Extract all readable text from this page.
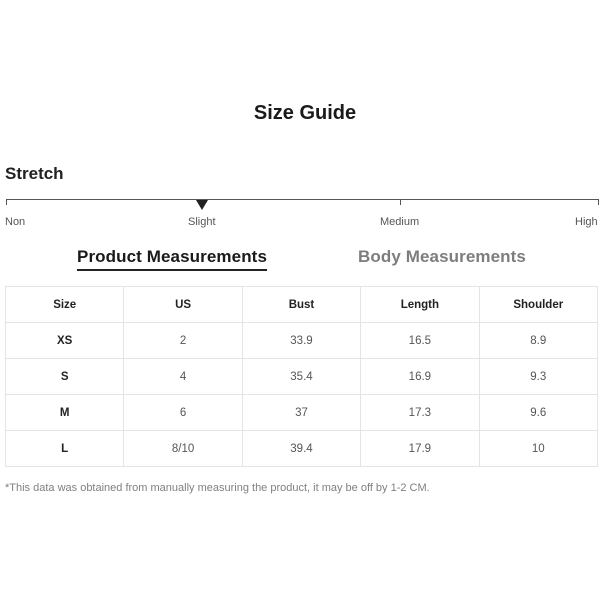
Size Guide
Stretch
Non	Slight	Medium	High
Product Measurements	Body Measurements
Size	US	Bust	Length	Shoulder
XS	2	33.9	16.5	8.9
S	4	35.4	16.9	9.3
M	6	37	17.3	9.6
L	8/10	39.4	17.9	10
*This data was obtained from manually measuring the product, it may be off by 1-2 CM.
